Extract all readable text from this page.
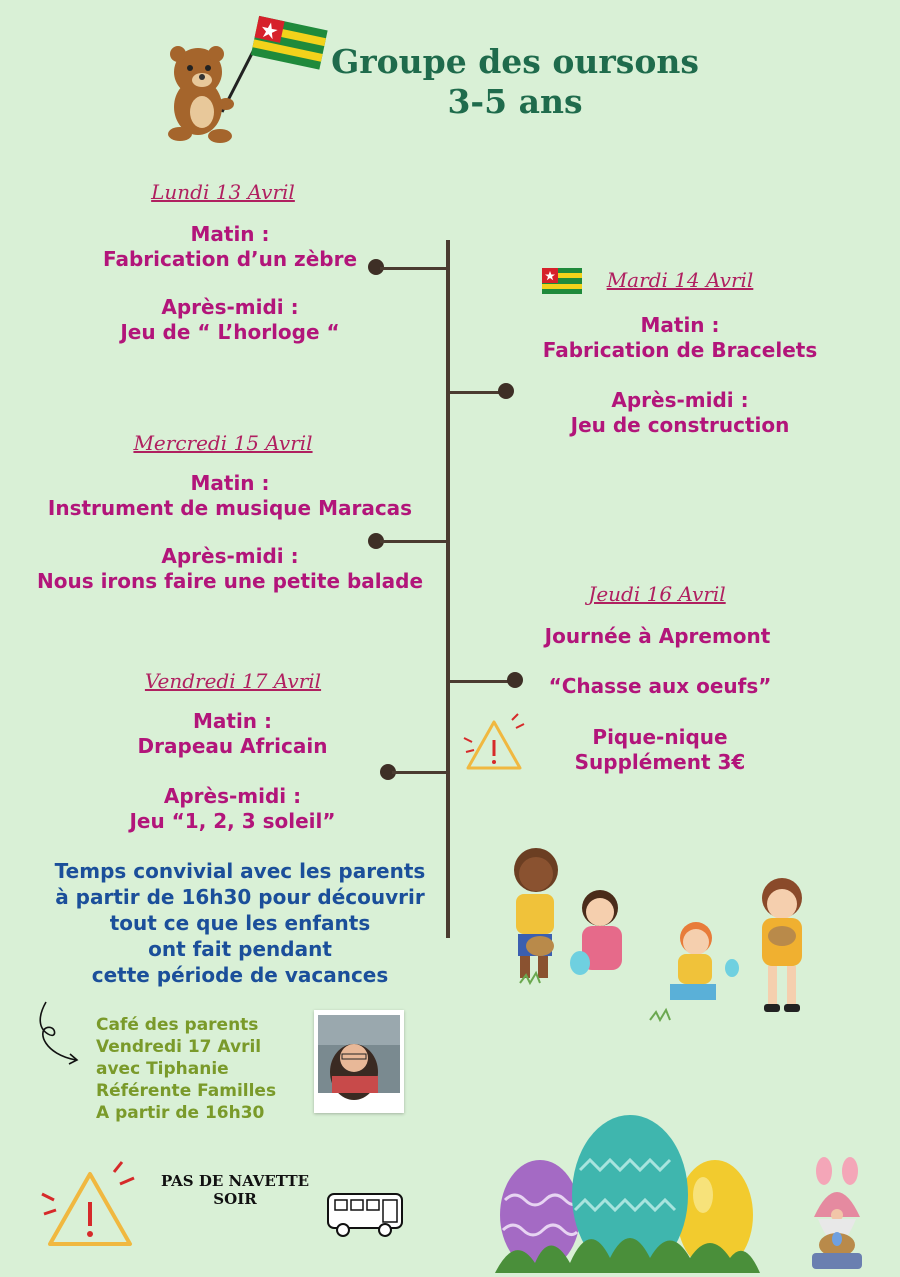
Groupe des oursons
3-5 ans
Lundi 13 Avril
Matin :
Fabrication d’un zèbre
Après-midi :
Jeu de “ L’horloge “
Mardi 14 Avril
Matin :
Fabrication de Bracelets
Après-midi :
Jeu de construction
Mercredi 15 Avril
Matin :
Instrument de musique Maracas
Après-midi :
Nous irons faire une petite balade
Jeudi 16 Avril
Journée à Apremont
“Chasse aux oeufs”
Pique-nique
Supplément 3€
Vendredi 17 Avril
Matin :
Drapeau Africain
Après-midi :
Jeu “1, 2, 3 soleil”
Temps convivial avec les parents
à partir de 16h30 pour découvrir
tout ce que les enfants
ont fait pendant
cette période de vacances
Café des parents
Vendredi 17 Avril
avec Tiphanie
Référente Familles
A partir de 16h30
PAS DE NAVETTE
SOIR
